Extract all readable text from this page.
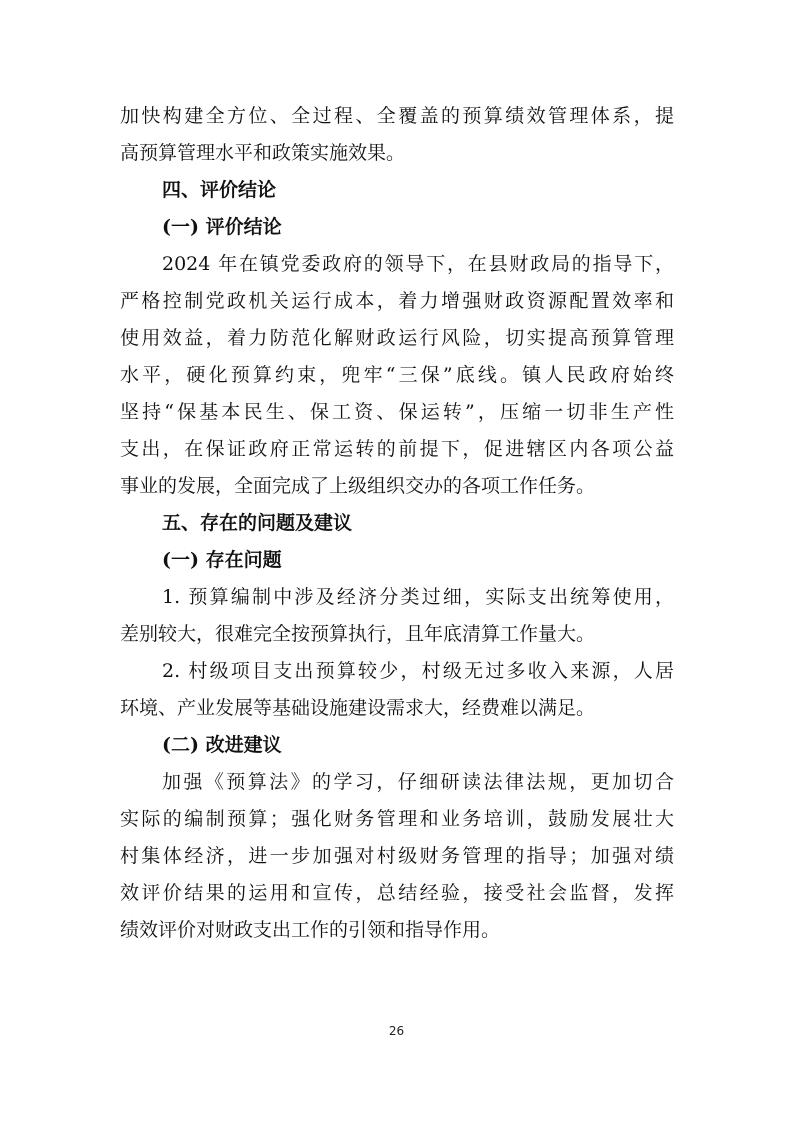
加快构建全方位、全过程、全覆盖的预算绩效管理体系，提
高预算管理水平和政策实施效果。
四、评价结论
(一) 评价结论
2024 年在镇党委政府的领导下，在县财政局的指导下，
严格控制党政机关运行成本，着力增强财政资源配置效率和
使用效益，着力防范化解财政运行风险，切实提高预算管理
水平，硬化预算约束，兜牢“三保”底线。镇人民政府始终
坚持“保基本民生、保工资、保运转”，压缩一切非生产性
支出，在保证政府正常运转的前提下，促进辖区内各项公益
事业的发展，全面完成了上级组织交办的各项工作任务。
五、存在的问题及建议
(一) 存在问题
1. 预算编制中涉及经济分类过细，实际支出统筹使用，
差别较大，很难完全按预算执行，且年底清算工作量大。
2. 村级项目支出预算较少，村级无过多收入来源，人居
环境、产业发展等基础设施建设需求大，经费难以满足。
(二) 改进建议
加强《预算法》的学习，仔细研读法律法规，更加切合
实际的编制预算；强化财务管理和业务培训，鼓励发展壮大
村集体经济，进一步加强对村级财务管理的指导；加强对绩
效评价结果的运用和宣传，总结经验，接受社会监督，发挥
绩效评价对财政支出工作的引领和指导作用。
26
